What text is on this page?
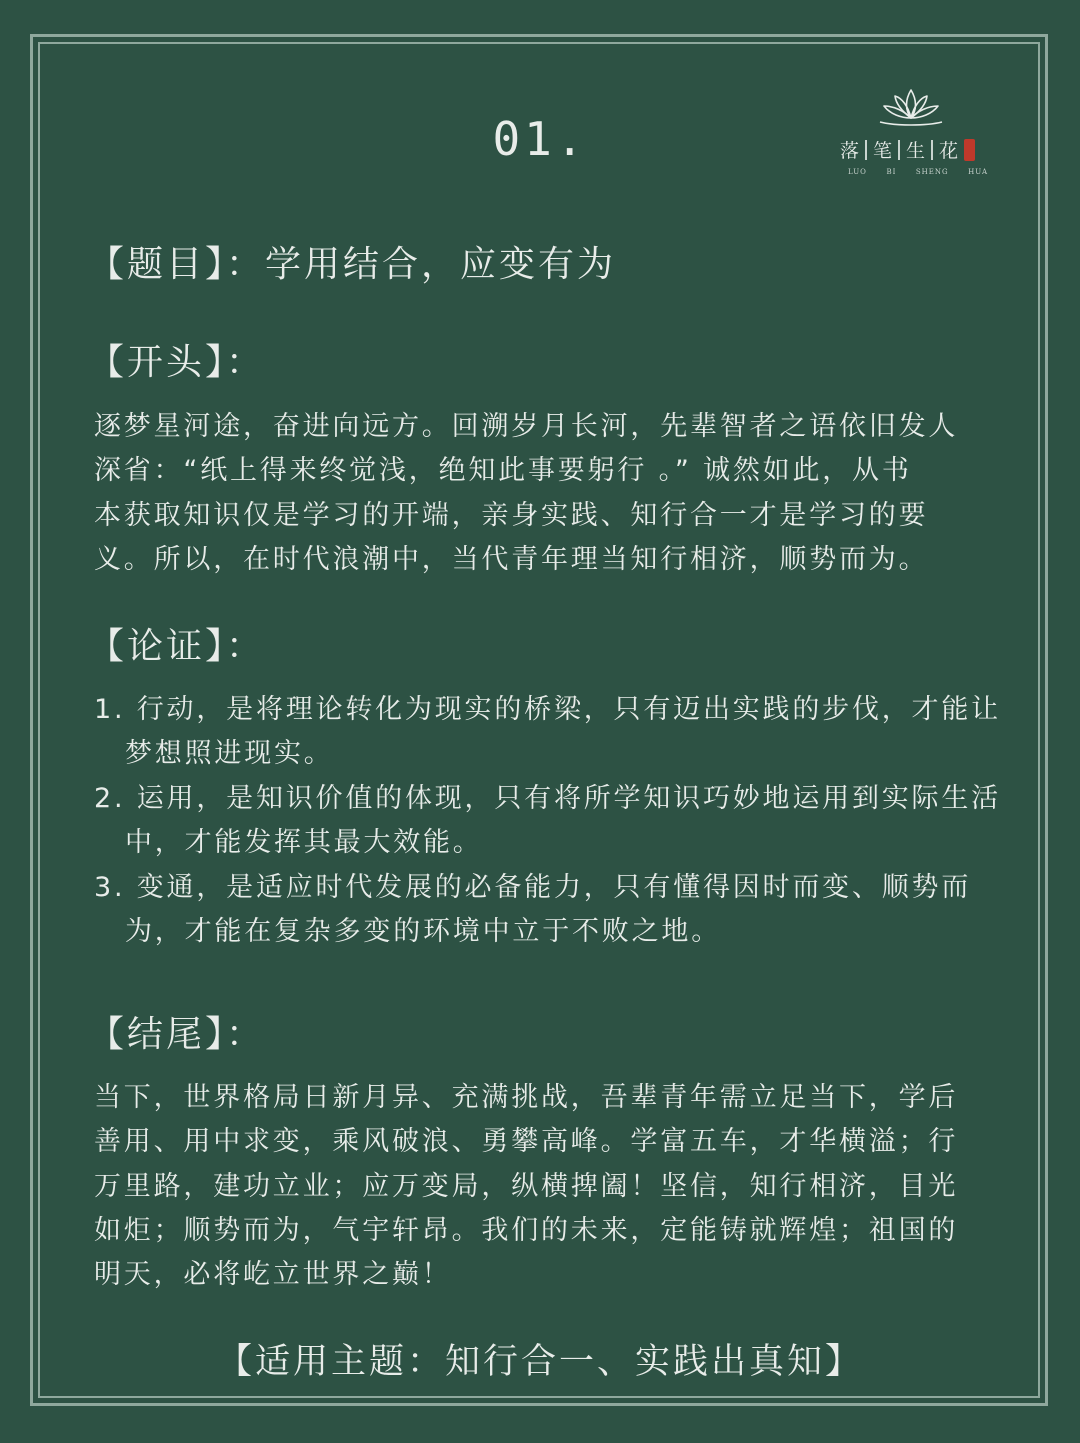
01.	落 笔 生 花
LUO	BI	SHENG	HUA
【题目】：学用结合，应变有为
【开头】：
逐梦星河途，奋进向远方。回溯岁月长河，先辈智者之语依旧发人
深省：“纸上得来终觉浅，绝知此事要躬行 。” 诚然如此，从书
本获取知识仅是学习的开端，亲身实践、知行合一才是学习的要
义。所以，在时代浪潮中，当代青年理当知行相济，顺势而为。
【论证】：
1. 行动，是将理论转化为现实的桥梁，只有迈出实践的步伐，才能让
梦想照进现实。
2. 运用，是知识价值的体现，只有将所学知识巧妙地运用到实际生活
中，才能发挥其最大效能。
3. 变通，是适应时代发展的必备能力，只有懂得因时而变、顺势而
为，才能在复杂多变的环境中立于不败之地。
【结尾】：
当下，世界格局日新月异、充满挑战，吾辈青年需立足当下，学后
善用、用中求变，乘风破浪、勇攀高峰。学富五车，才华横溢；行
万里路，建功立业；应万变局，纵横捭阖！坚信，知行相济，目光
如炬；顺势而为，气宇轩昂。我们的未来，定能铸就辉煌；祖国的
明天，必将屹立世界之巅！
【适用主题：知行合一、实践出真知】
